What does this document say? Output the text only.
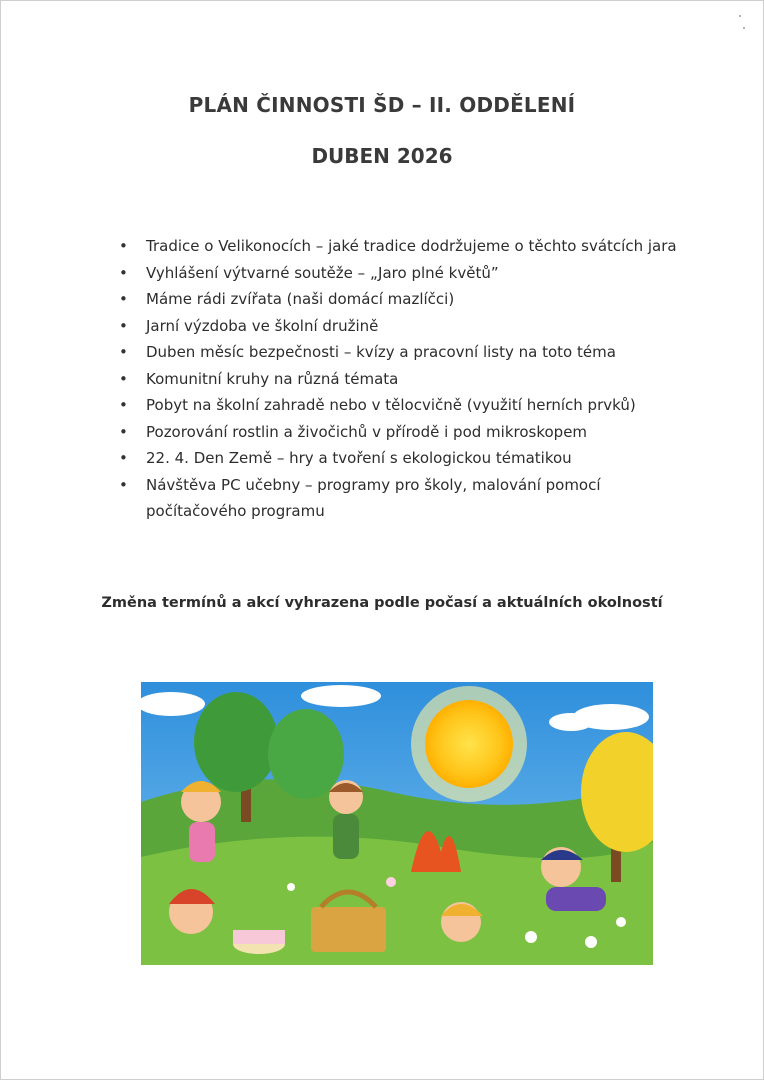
PLÁN ČINNOSTI ŠD – II. ODDĚLENÍ
DUBEN 2026
• Tradice o Velikonocích – jaké tradice dodržujeme o těchto svátcích jara
• Vyhlášení výtvarné soutěže – „Jaro plné květů”
• Máme rádi zvířata (naši domácí mazlíčci)
• Jarní výzdoba ve školní družině
• Duben měsíc bezpečnosti – kvízy a pracovní listy na toto téma
• Komunitní kruhy na různá témata
• Pobyt na školní zahradě nebo v tělocvičně (využití herních prvků)
• Pozorování rostlin a živočichů v přírodě i pod mikroskopem
• 22. 4. Den Země – hry a tvoření s ekologickou tématikou
• Návštěva PC učebny – programy pro školy, malování pomocí počítačového programu
Změna termínů a akcí vyhrazena podle počasí a aktuálních okolností
